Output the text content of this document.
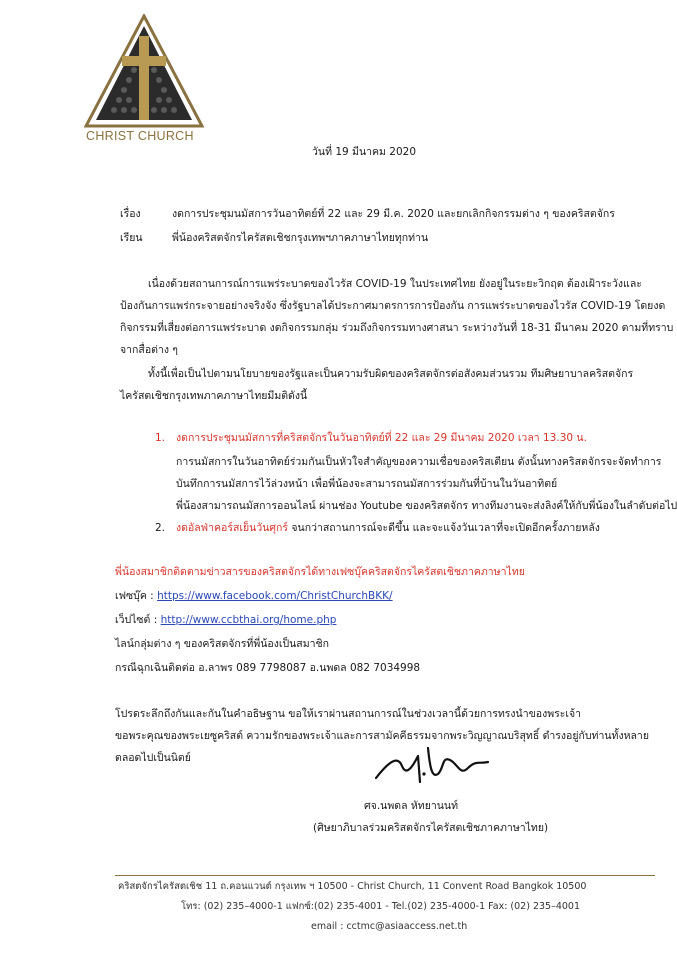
CHRIST CHURCH
วันที่ 19 มีนาคม 2020
เรื่อง	งดการประชุมนมัสการวันอาทิตย์ที่ 22 และ 29 มี.ค. 2020 และยกเลิกกิจกรรมต่าง ๆ ของคริสตจักร
เรียน	พี่น้องคริสตจักรไครัสตเชิชกรุงเทพฯภาคภาษาไทยทุกท่าน
เนื่องด้วยสถานการณ์การแพร่ระบาดของไวรัส COVID-19 ในประเทศไทย ยังอยู่ในระยะวิกฤต ต้องเฝ้าระวังและ
ป้องกันการแพร่กระจายอย่างจริงจัง ซึ่งรัฐบาลได้ประกาศมาตรการการป้องกัน การแพร่ระบาดของไวรัส COVID-19 โดยงด
กิจกรรมที่เสี่ยงต่อการแพร่ระบาด งดกิจกรรมกลุ่ม ร่วมถึงกิจกรรมทางศาสนา ระหว่างวันที่ 18-31 มีนาคม 2020 ตามที่ทราบ
จากสื่อต่าง ๆ
ทั้งนี้เพื่อเป็นไปตามนโยบายของรัฐและเป็นความรับผิดของคริสตจักรต่อสังคมส่วนรวม ทีมศิษยาบาลคริสตจักร
ไครัสตเชิชกรุงเทพภาคภาษาไทยมีมติดังนี้
1. งดการประชุมนมัสการที่คริสตจักรในวันอาทิตย์ที่ 22 และ 29 มีนาคม 2020 เวลา 13.30 น.
การนมัสการในวันอาทิตย์ร่วมกันเป็นหัวใจสำคัญของความเชื่อของคริสเตียน ดังนั้นทางคริสตจักรจะจัดทำการ
บันทึกการนมัสการไว้ล่วงหน้า เพื่อพี่น้องจะสามารถนมัสการร่วมกันที่บ้านในวันอาทิตย์
พี่น้องสามารถนมัสการออนไลน์ ผ่านช่อง Youtube ของคริสตจักร ทางทีมงานจะส่งลิงค์ให้กับพี่น้องในลำดับต่อไป
2. งดอัลฟ่าคอร์สเย็นวันศุกร์ จนกว่าสถานการณ์จะดีขึ้น และจะแจ้งวันเวลาที่จะเปิดอีกครั้งภายหลัง
พี่น้องสมาชิกติดตามข่าวสารของคริสตจักรได้ทางเฟซบุ๊คคริสตจักรไครัสตเชิชภาคภาษาไทย
เฟซบุ๊ค : https://www.facebook.com/ChristChurchBKK/
เว็ปไซต์ : http://www.ccbthai.org/home.php
ไลน์กลุ่มต่าง ๆ ของคริสตจักรที่พี่น้องเป็นสมาชิก
กรณีฉุกเฉินติดต่อ อ.ลาพร 089 7798087 อ.นพดล 082 7034998
โปรดระลึกถึงกันและกันในคำอธิษฐาน ขอให้เราผ่านสถานการณ์ในช่วงเวลานี้ด้วยการทรงนำของพระเจ้า
ขอพระคุณของพระเยซูคริสต์ ความรักของพระเจ้าและการสามัคคีธรรมจากพระวิญญาณบริสุทธิ์ ดำรงอยู่กับท่านทั้งหลาย
ตลอดไปเป็นนิตย์
ศจ.นพดล หัทยานนท์
(ศิษยาภิบาลร่วมคริสตจักรไครัสตเชิชภาคภาษาไทย)
คริสตจักรไครัสตเชิช 11 ถ.คอนแวนต์ กรุงเทพ ฯ 10500 - Christ Church, 11 Convent Road Bangkok 10500
โทร: (02) 235–4000-1 แฟกซ์:(02) 235-4001 - Tel.(02) 235-4000-1 Fax: (02) 235–4001
email : cctmc@asiaaccess.net.th
